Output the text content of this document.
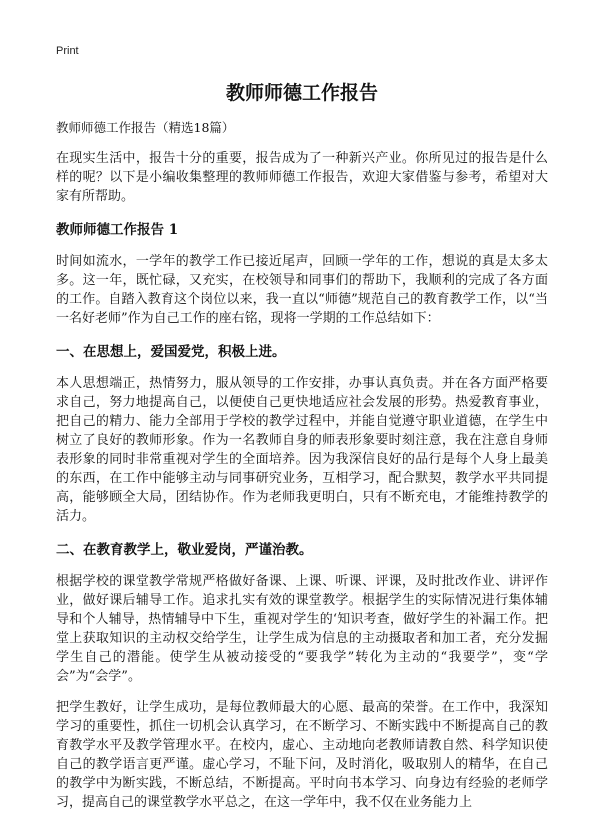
Print

教师师德工作报告

教师师德工作报告（精选18篇）

在现实生活中，报告十分的重要，报告成为了一种新兴产业。你所见过的报告是什么样的呢？以下是小编收集整理的教师师德工作报告，欢迎大家借鉴与参考，希望对大家有所帮助。

教师师德工作报告 1

时间如流水，一学年的教学工作已接近尾声，回顾一学年的工作，想说的真是太多太多。这一年，既忙碌，又充实，在校领导和同事们的帮助下，我顺利的完成了各方面的工作。自踏入教育这个岗位以来，我一直以“师德”规范自己的教育教学工作，以“当一名好老师”作为自己工作的座右铭，现将一学期的工作总结如下：

一、在思想上，爱国爱党，积极上进。

本人思想端正，热情努力，服从领导的工作安排，办事认真负责。并在各方面严格要求自己，努力地提高自己，以便使自己更快地适应社会发展的形势。热爱教育事业，把自己的精力、能力全部用于学校的教学过程中，并能自觉遵守职业道德，在学生中树立了良好的教师形象。作为一名教师自身的师表形象要时刻注意，我在注意自身师表形象的同时非常重视对学生的全面培养。因为我深信良好的品行是每个人身上最美的东西，在工作中能够主动与同事研究业务，互相学习，配合默契，教学水平共同提高，能够顾全大局，团结协作。作为老师我更明白，只有不断充电，才能维持教学的活力。

二、在教育教学上，敬业爱岗，严谨治教。

根据学校的课堂教学常规严格做好备课、上课、听课、评课，及时批改作业、讲评作业，做好课后辅导工作。追求扎实有效的课堂教学。根据学生的实际情况进行集体辅导和个人辅导，热情辅导中下生，重视对学生的‘知识考查，做好学生的补漏工作。把堂上获取知识的主动权交给学生，让学生成为信息的主动摄取者和加工者，充分发掘学生自己的潜能。使学生从被动接受的“要我学”转化为主动的“我要学”，变“学会”为“会学”。

把学生教好，让学生成功，是每位教师最大的心愿、最高的荣誉。在工作中，我深知学习的重要性，抓住一切机会认真学习，在不断学习、不断实践中不断提高自己的教育教学水平及教学管理水平。在校内，虚心、主动地向老教师请教自然、科学知识使自己的教学语言更严谨。虚心学习，不耻下问，及时消化，吸取别人的精华，在自己的教学中为断实践，不断总结，不断提高。平时向书本学习、向身边有经验的老师学习，提高自己的课堂教学水平总之，在这一学年中，我不仅在业务能力上
